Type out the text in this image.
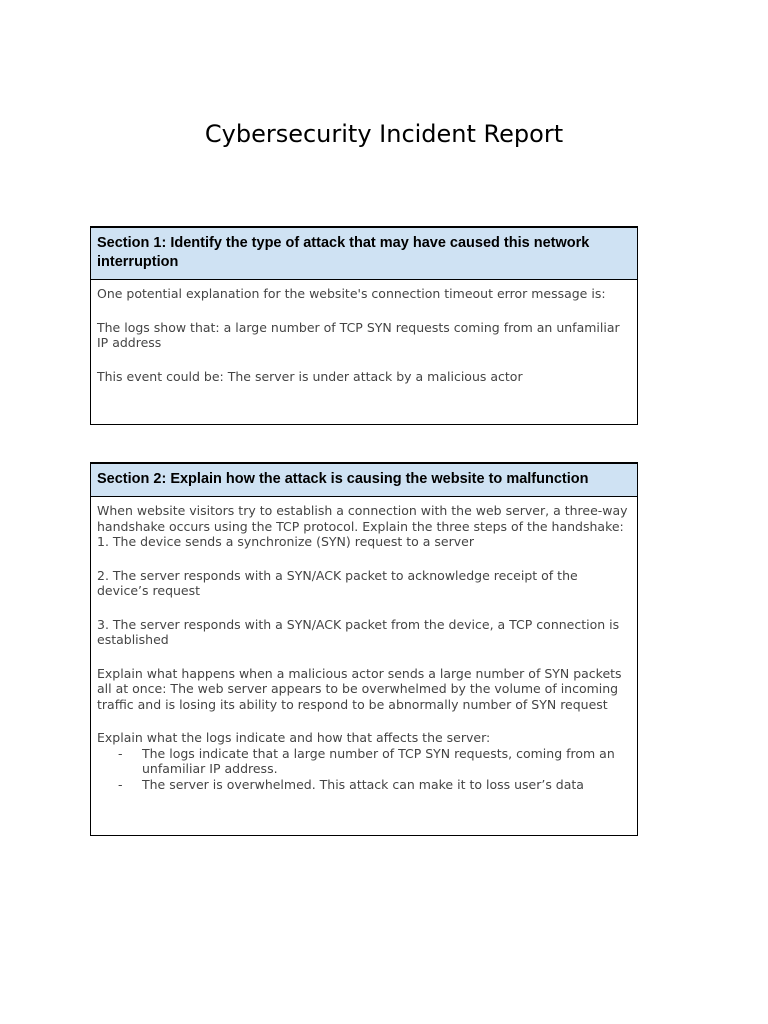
Cybersecurity Incident Report
Section 1: Identify the type of attack that may have caused this network interruption

One potential explanation for the website's connection timeout error message is:

The logs show that: a large number of TCP SYN requests coming from an unfamiliar IP address

This event could be: The server is under attack by a malicious actor

Section 2: Explain how the attack is causing the website to malfunction

When website visitors try to establish a connection with the web server, a three-way handshake occurs using the TCP protocol. Explain the three steps of the handshake:

1. The device sends a synchronize (SYN) request to a server

2. The server responds with a SYN/ACK packet to acknowledge receipt of the device’s request

3. The server responds with a SYN/ACK packet from the device, a TCP connection is established

Explain what happens when a malicious actor sends a large number of SYN packets all at once: The web server appears to be overwhelmed by the volume of incoming traffic and is losing its ability to respond to be abnormally number of SYN request

Explain what the logs indicate and how that affects the server:

- The logs indicate that a large number of TCP SYN requests, coming from an unfamiliar IP address.
- The server is overwhelmed. This attack can make it to loss user’s data
